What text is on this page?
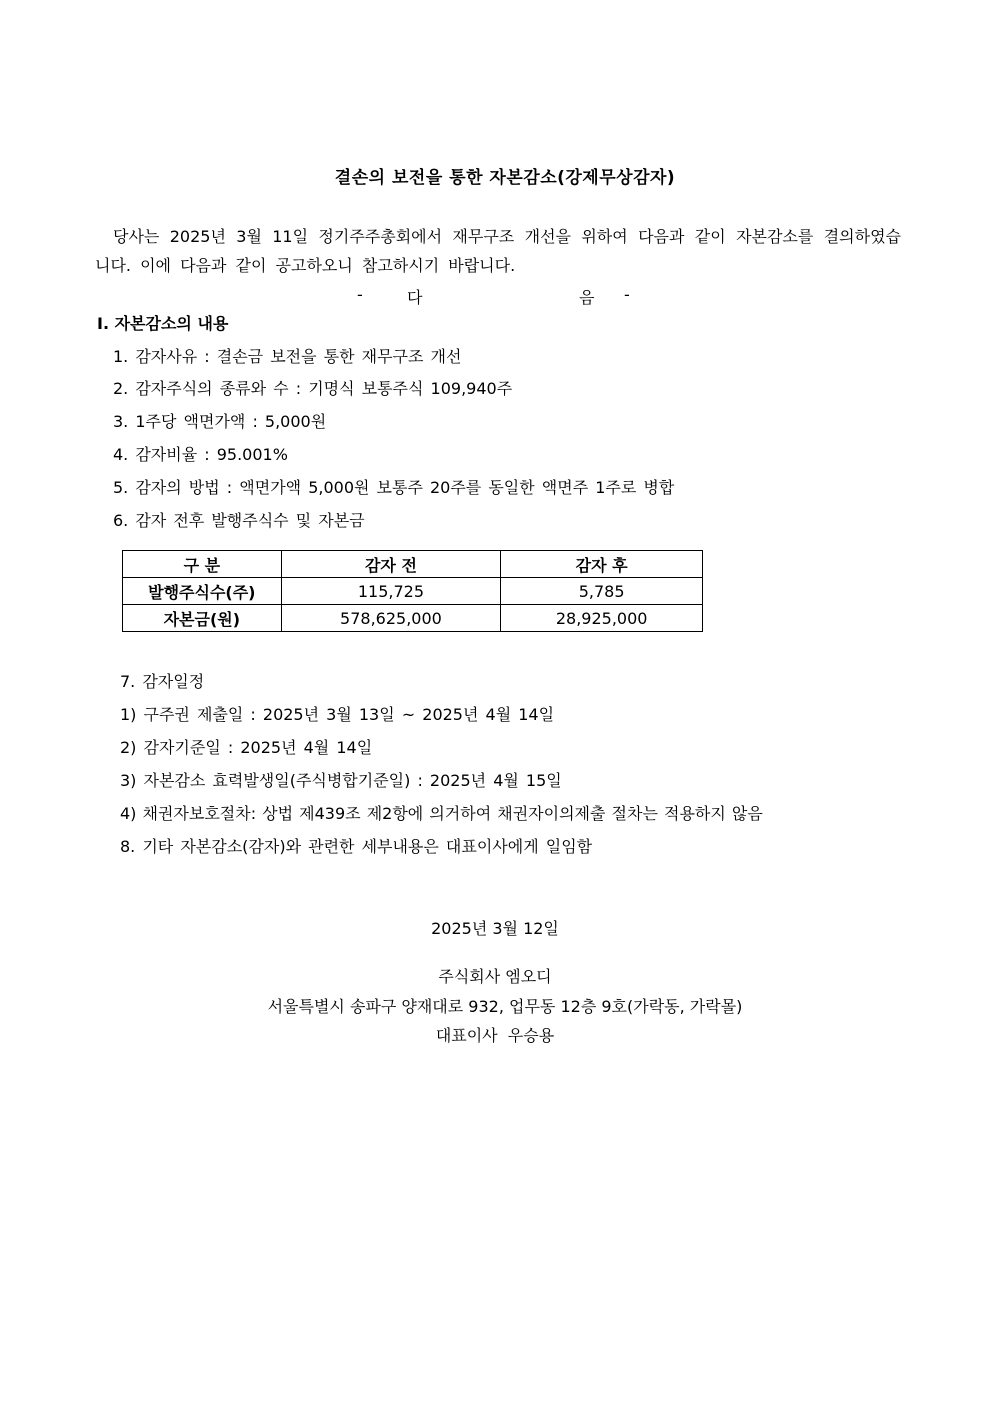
결손의 보전을 통한 자본감소(강제무상감자)
당사는 2025년 3월 11일 정기주주총회에서 재무구조 개선을 위하여 다음과 같이 자본감소를 결의하였습니다. 이에 다음과 같이 공고하오니 참고하시기 바랍니다.
-	다	음 -
Ⅰ. 자본감소의 내용
1. 감자사유 : 결손금 보전을 통한 재무구조 개선
2. 감자주식의 종류와 수 : 기명식 보통주식 109,940주
3. 1주당 액면가액 : 5,000원
4. 감자비율 : 95.001%
5. 감자의 방법 : 액면가액 5,000원 보통주 20주를 동일한 액면주 1주로 병합
6. 감자 전후 발행주식수 및 자본금
구 분	감자 전	감자 후
발행주식수(주)	115,725	5,785
자본금(원)	578,625,000	28,925,000
7. 감자일정
1) 구주권 제출일 : 2025년 3월 13일 ~ 2025년 4월 14일
2) 감자기준일 : 2025년 4월 14일
3) 자본감소 효력발생일(주식병합기준일) : 2025년 4월 15일
4) 채권자보호절차: 상법 제439조 제2항에 의거하여 채권자이의제출 절차는 적용하지 않음
8. 기타 자본감소(감자)와 관련한 세부내용은 대표이사에게 일임함
2025년 3월 12일
주식회사 엠오디
서울특별시 송파구 양재대로 932, 업무동 12층 9호(가락동, 가락몰)
대표이사  우승용
